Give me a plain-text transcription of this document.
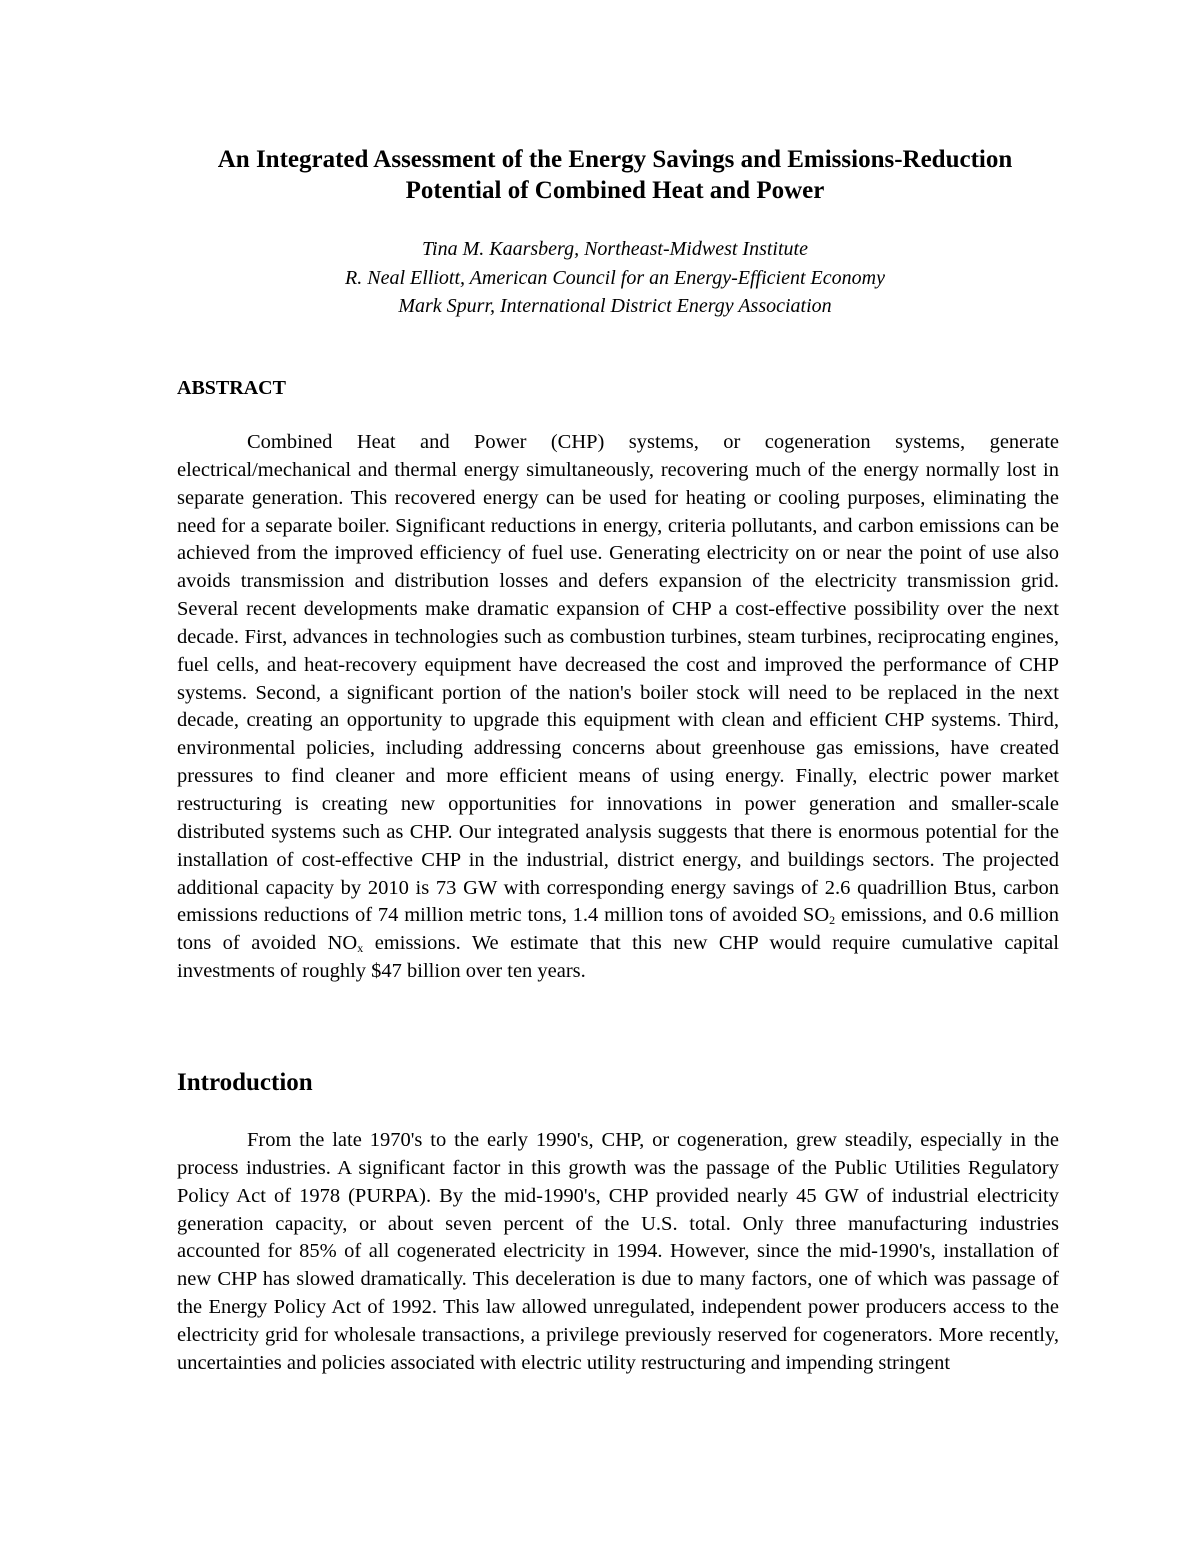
An Integrated Assessment of the Energy Savings and Emissions-Reduction
Potential of Combined Heat and Power
Tina M. Kaarsberg, Northeast-Midwest Institute
R. Neal Elliott, American Council for an Energy-Efficient Economy
Mark Spurr, International District Energy Association
ABSTRACT

Combined Heat and Power (CHP) systems, or cogeneration systems, generate electrical/mechanical and thermal energy simultaneously, recovering much of the energy normally lost in separate generation. This recovered energy can be used for heating or cooling purposes, eliminating the need for a separate boiler. Significant reductions in energy, criteria pollutants, and carbon emissions can be achieved from the improved efficiency of fuel use. Generating electricity on or near the point of use also avoids transmission and distribution losses and defers expansion of the electricity transmission grid. Several recent developments make dramatic expansion of CHP a cost-effective possibility over the next decade. First, advances in technologies such as combustion turbines, steam turbines, reciprocating engines, fuel cells, and heat-recovery equipment have decreased the cost and improved the performance of CHP systems. Second, a significant portion of the nation's boiler stock will need to be replaced in the next decade, creating an opportunity to upgrade this equipment with clean and efficient CHP systems. Third, environmental policies, including addressing concerns about greenhouse gas emissions, have created pressures to find cleaner and more efficient means of using energy. Finally, electric power market restructuring is creating new opportunities for innovations in power generation and smaller-scale distributed systems such as CHP. Our integrated analysis suggests that there is enormous potential for the installation of cost-effective CHP in the industrial, district energy, and buildings sectors. The projected additional capacity by 2010 is 73 GW with corresponding energy savings of 2.6 quadrillion Btus, carbon emissions reductions of 74 million metric tons, 1.4 million tons of avoided $SO_2$ emissions, and 0.6 million tons of avoided $NO_x$ emissions. We estimate that this new CHP would require cumulative capital investments of roughly $47 billion over ten years.

Introduction

From the late 1970's to the early 1990's, CHP, or cogeneration, grew steadily, especially in the process industries. A significant factor in this growth was the passage of the Public Utilities Regulatory Policy Act of 1978 (PURPA). By the mid-1990's, CHP provided nearly 45 GW of industrial electricity generation capacity, or about seven percent of the U.S. total. Only three manufacturing industries accounted for 85% of all cogenerated electricity in 1994. However, since the mid-1990's, installation of new CHP has slowed dramatically. This deceleration is due to many factors, one of which was passage of the Energy Policy Act of 1992. This law allowed unregulated, independent power producers access to the electricity grid for wholesale transactions, a privilege previously reserved for cogenerators. More recently, uncertainties and policies associated with electric utility restructuring and impending stringent
